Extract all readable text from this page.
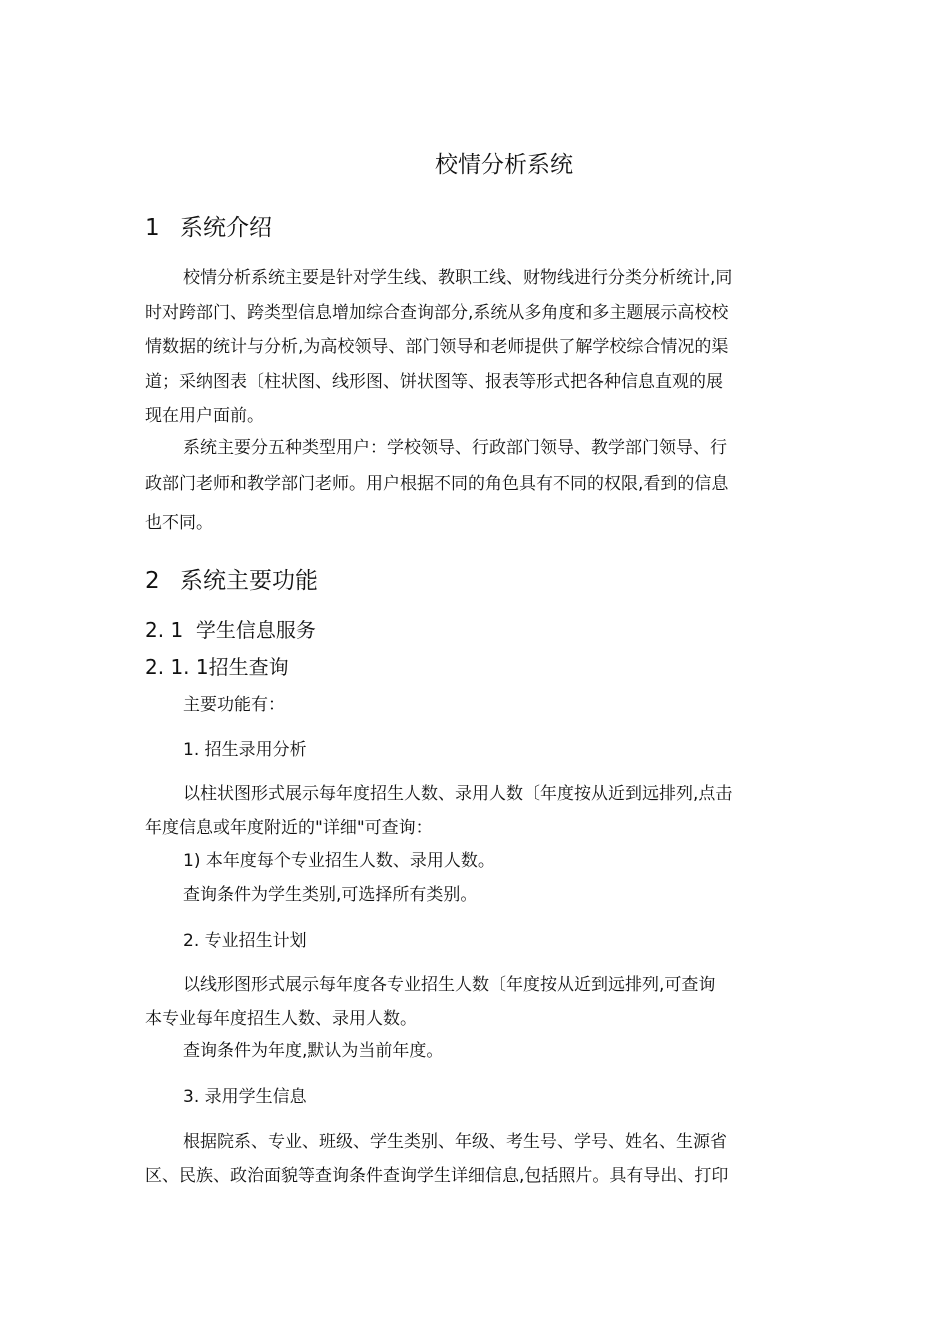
校情分析系统
1 系统介绍
校情分析系统主要是针对学生线、教职工线、财物线进行分类分析统计,同
时对跨部门、跨类型信息增加综合查询部分,系统从多角度和多主题展示高校校
情数据的统计与分析,为高校领导、部门领导和老师提供了解学校综合情况的渠
道；采纳图表〔柱状图、线形图、饼状图等、报表等形式把各种信息直观的展
现在用户面前。
系统主要分五种类型用户：学校领导、行政部门领导、教学部门领导、行
政部门老师和教学部门老师。用户根据不同的角色具有不同的权限,看到的信息
也不同。
2 系统主要功能
2. 1 学生信息服务
2. 1. 1招生查询
主要功能有：
1. 招生录用分析
以柱状图形式展示每年度招生人数、录用人数〔年度按从近到远排列,点击
年度信息或年度附近的"详细"可查询：
1) 本年度每个专业招生人数、录用人数。
查询条件为学生类别,可选择所有类别。
2. 专业招生计划
以线形图形式展示每年度各专业招生人数〔年度按从近到远排列,可查询
本专业每年度招生人数、录用人数。
查询条件为年度,默认为当前年度。
3. 录用学生信息
根据院系、专业、班级、学生类别、年级、考生号、学号、姓名、生源省
区、民族、政治面貌等查询条件查询学生详细信息,包括照片。具有导出、打印
